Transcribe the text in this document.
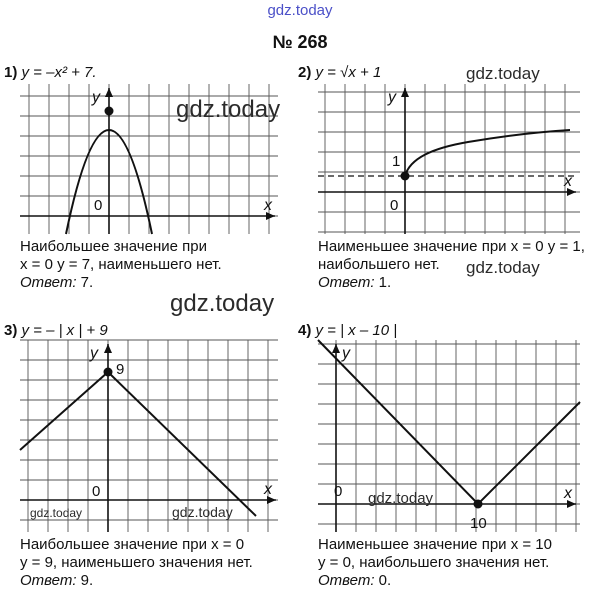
gdz.today
№ 268
1) y = –x² + 7.
y
x
0
Наибольшее значение при
x = 0 y = 7, наименьшего нет.
Ответ: 7.
2) y = √x + 1
y
x
0
1
Наименьшее значение при x = 0 y = 1,
наибольшего нет.
Ответ: 1.
3) y = – | x | + 9
y
x
0
9
Наибольшее значение при x = 0
y = 9, наименьшего значения нет.
Ответ: 9.
4) y = | x – 10 |
y
x
0
10
Наименьшее значение при x = 10
y = 0, наибольшего значения нет.
Ответ: 0.
gdz.today
gdz.today
gdz.today
gdz.today
gdz.today	gdz.today
gdz.today
